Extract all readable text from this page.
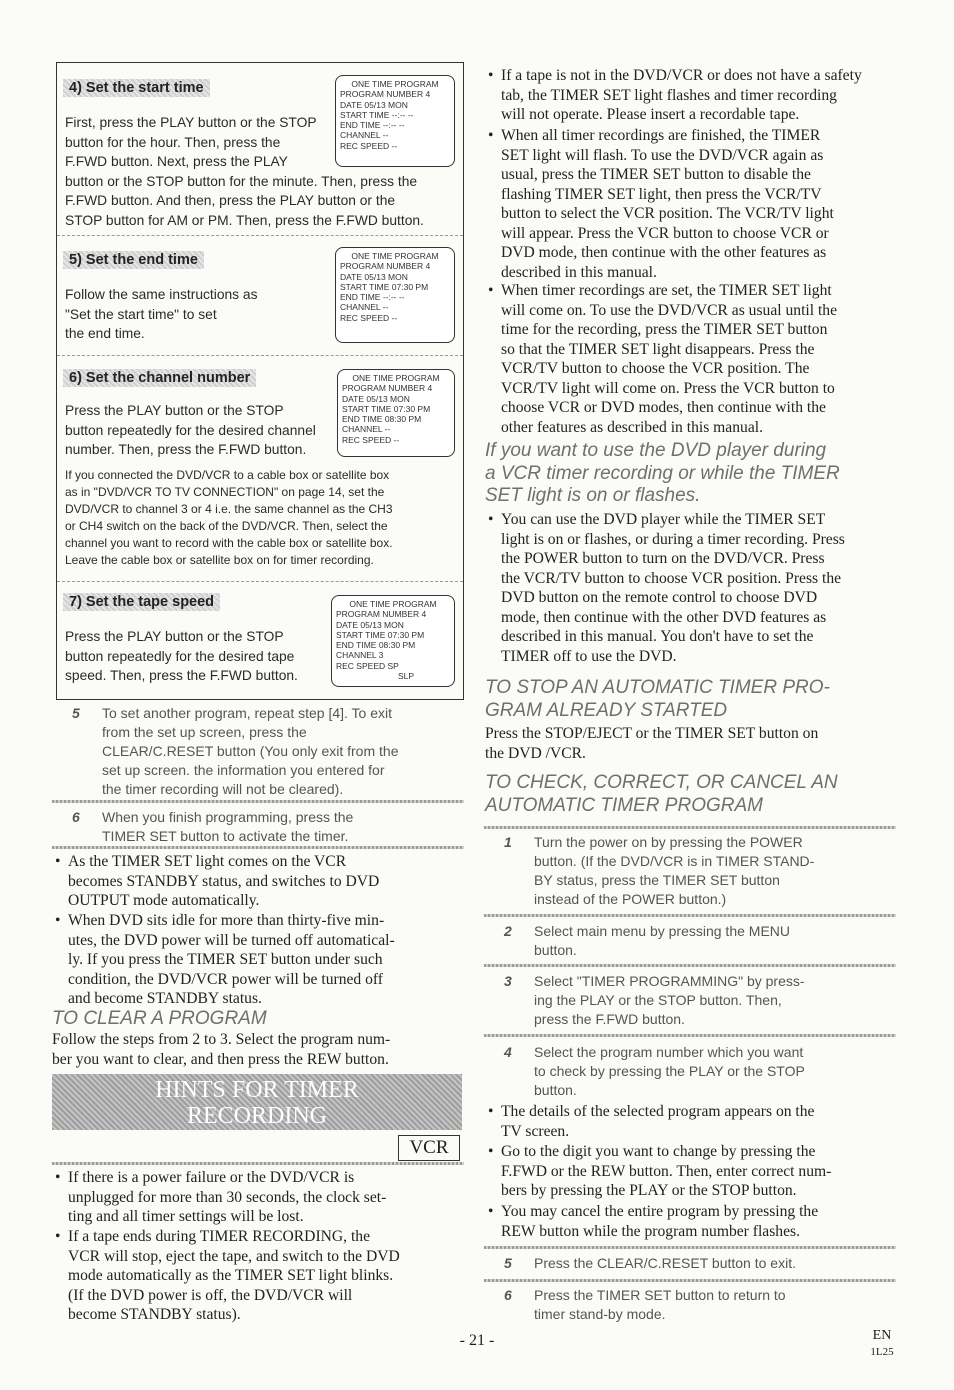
4) Set the start time
First, press the PLAY button or the STOP
button for the hour. Then, press the
F.FWD button. Next, press the PLAY
button or the STOP button for the minute. Then, press the
F.FWD button. And then, press the PLAY button or the
STOP button for AM or PM. Then, press the F.FWD button.
ONE TIME PROGRAM
PROGRAM NUMBER 4
DATE 05/13 MON
START TIME --:-- --
END TIME --:-- --
CHANNEL --
REC SPEED --
5) Set the end time
Follow the same instructions as
"Set the start time" to set
the end time.
ONE TIME PROGRAM
PROGRAM NUMBER 4
DATE 05/13 MON
START TIME 07:30 PM
END TIME --:-- --
CHANNEL --
REC SPEED --
6) Set the channel number
Press the PLAY button or the STOP
button repeatedly for the desired channel
number. Then, press the F.FWD button.
If you connected the DVD/VCR to a cable box or satellite box
as in "DVD/VCR TO TV CONNECTION" on page 14, set the
DVD/VCR to channel 3 or 4 i.e. the same channel as the CH3
or CH4 switch on the back of the DVD/VCR. Then, select the
channel you want to record with the cable box or satellite box.
Leave the cable box or satellite box on for timer recording.
ONE TIME PROGRAM
PROGRAM NUMBER 4
DATE 05/13 MON
START TIME 07:30 PM
END TIME 08:30 PM
CHANNEL --
REC SPEED --
7) Set the tape speed
Press the PLAY button or the STOP
button repeatedly for the desired tape
speed. Then, press the F.FWD button.
ONE TIME PROGRAM
PROGRAM NUMBER 4
DATE 05/13 MON
START TIME 07:30 PM
END TIME 08:30 PM
CHANNEL 3
REC SPEED SP
SLP
5 To set another program, repeat step [4]. To exit
from the set up screen, press the
CLEAR/C.RESET button (You only exit from the
set up screen. the information you entered for
the timer recording will not be cleared).
6 When you finish programming, press the
TIMER SET button to activate the timer.
• As the TIMER SET light comes on the VCR
becomes STANDBY status, and switches to DVD
OUTPUT mode automatically.
• When DVD sits idle for more than thirty-five min-
utes, the DVD power will be turned off automatical-
ly. If you press the TIMER SET button under such
condition, the DVD/VCR power will be turned off
and become STANDBY status.
TO CLEAR A PROGRAM
Follow the steps from 2 to 3. Select the program num-
ber you want to clear, and then press the REW button.
HINTS FOR TIMER
RECORDING
VCR
• If there is a power failure or the DVD/VCR is
unplugged for more than 30 seconds, the clock set-
ting and all timer settings will be lost.
• If a tape ends during TIMER RECORDING, the
VCR will stop, eject the tape, and switch to the DVD
mode automatically as the TIMER SET light blinks.
(If the DVD power is off, the DVD/VCR will
become STANDBY status).
• If a tape is not in the DVD/VCR or does not have a safety
tab, the TIMER SET light flashes and timer recording
will not operate. Please insert a recordable tape.
• When all timer recordings are finished, the TIMER
SET light will flash. To use the DVD/VCR again as
usual, press the TIMER SET button to disable the
flashing TIMER SET light, then press the VCR/TV
button to select the VCR position. The VCR/TV light
will appear. Press the VCR button to choose VCR or
DVD mode, then continue with the other features as
described in this manual.
• When timer recordings are set, the TIMER SET light
will come on. To use the DVD/VCR as usual until the
time for the recording, press the TIMER SET button
so that the TIMER SET light disappears. Press the
VCR/TV button to choose the VCR position. The
VCR/TV light will come on. Press the VCR button to
choose VCR or DVD modes, then continue with the
other features as described in this manual.
If you want to use the DVD player during
a VCR timer recording or while the TIMER
SET light is on or flashes.
• You can use the DVD player while the TIMER SET
light is on or flashes, or during a timer recording. Press
the POWER button to turn on the DVD/VCR. Press
the VCR/TV button to choose VCR position. Press the
DVD button on the remote control to choose DVD
mode, then continue with the other DVD features as
described in this manual. You don't have to set the
TIMER off to use the DVD.
TO STOP AN AUTOMATIC TIMER PRO-
GRAM ALREADY STARTED
Press the STOP/EJECT or the TIMER SET button on
the DVD /VCR.
TO CHECK, CORRECT, OR CANCEL AN
AUTOMATIC TIMER PROGRAM
1 Turn the power on by pressing the POWER
button. (If the DVD/VCR is in TIMER STAND-
BY status, press the TIMER SET button
instead of the POWER button.)
2 Select main menu by pressing the MENU
button.
3 Select "TIMER PROGRAMMING" by press-
ing the PLAY or the STOP button. Then,
press the F.FWD button.
4 Select the program number which you want
to check by pressing the PLAY or the STOP
button.
• The details of the selected program appears on the
TV screen.
• Go to the digit you want to change by pressing the
F.FWD or the REW button. Then, enter correct num-
bers by pressing the PLAY or the STOP button.
• You may cancel the entire program by pressing the
REW button while the program number flashes.
5	Press the CLEAR/C.RESET button to exit.
6 Press the TIMER SET button to return to
timer stand-by mode.
- 21 -	EN
1L25
